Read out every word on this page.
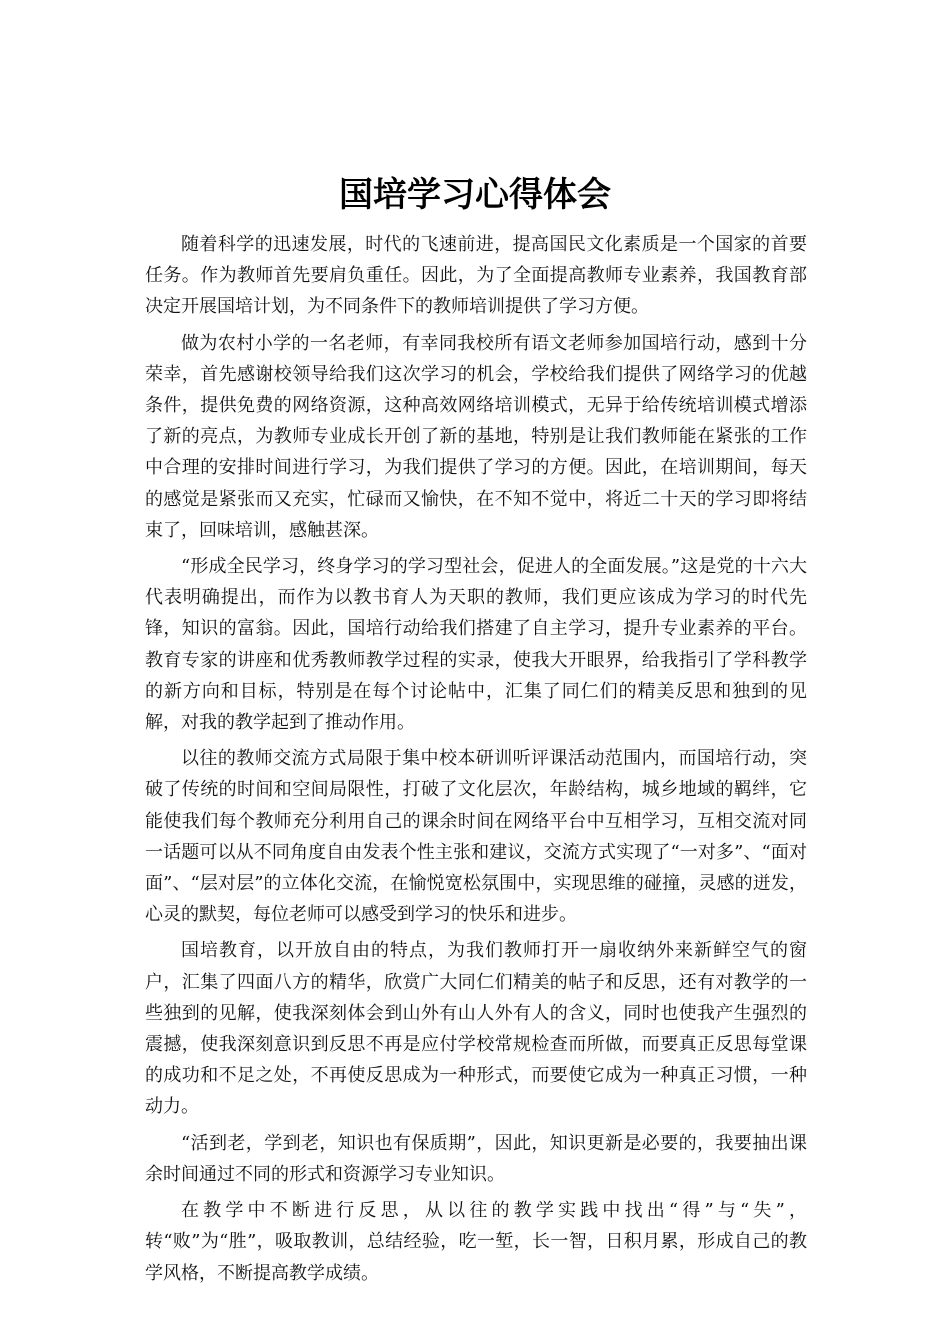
国培学习心得体会

随着科学的迅速发展，时代的飞速前进，提高国民文化素质是一个国家的首要任务。作为教师首先要肩负重任。因此，为了全面提高教师专业素养，我国教育部决定开展国培计划，为不同条件下的教师培训提供了学习方便。

做为农村小学的一名老师，有幸同我校所有语文老师参加国培行动，感到十分荣幸，首先感谢校领导给我们这次学习的机会，学校给我们提供了网络学习的优越条件，提供免费的网络资源，这种高效网络培训模式，无异于给传统培训模式增添了新的亮点，为教师专业成长开创了新的基地，特别是让我们教师能在紧张的工作中合理的安排时间进行学习，为我们提供了学习的方便。因此，在培训期间，每天的感觉是紧张而又充实，忙碌而又愉快，在不知不觉中，将近二十天的学习即将结束了，回味培训，感触甚深。

“形成全民学习，终身学习的学习型社会，促进人的全面发展。”这是党的十六大代表明确提出，而作为以教书育人为天职的教师，我们更应该成为学习的时代先锋，知识的富翁。因此，国培行动给我们搭建了自主学习，提升专业素养的平台。教育专家的讲座和优秀教师教学过程的实录，使我大开眼界，给我指引了学科教学的新方向和目标，特别是在每个讨论帖中，汇集了同仁们的精美反思和独到的见解，对我的教学起到了推动作用。

以往的教师交流方式局限于集中校本研训听评课活动范围内，而国培行动，突破了传统的时间和空间局限性，打破了文化层次，年龄结构，城乡地域的羁绊，它能使我们每个教师充分利用自己的课余时间在网络平台中互相学习，互相交流对同一话题可以从不同角度自由发表个性主张和建议，交流方式实现了“一对多”、“面对面”、“层对层”的立体化交流，在愉悦宽松氛围中，实现思维的碰撞，灵感的迸发，心灵的默契，每位老师可以感受到学习的快乐和进步。

国培教育，以开放自由的特点，为我们教师打开一扇收纳外来新鲜空气的窗户，汇集了四面八方的精华，欣赏广大同仁们精美的帖子和反思，还有对教学的一些独到的见解，使我深刻体会到山外有山人外有人的含义，同时也使我产生强烈的震撼，使我深刻意识到反思不再是应付学校常规检查而所做，而要真正反思每堂课的成功和不足之处，不再使反思成为一种形式，而要使它成为一种真正习惯，一种动力。

“活到老，学到老，知识也有保质期”，因此，知识更新是必要的，我要抽出课余时间通过不同的形式和资源学习专业知识。

在教学中不断进行反思，从以往的教学实践中找出“得”与“失”，转“败”为“胜”，吸取教训，总结经验，吃一堑，长一智，日积月累，形成自己的教学风格，不断提高教学成绩。
